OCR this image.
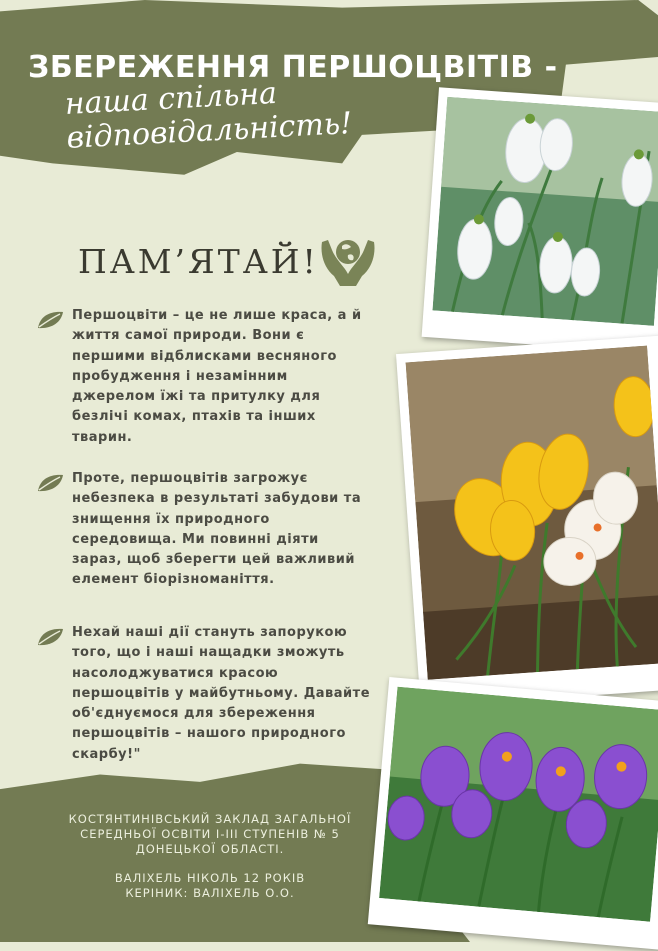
ЗБЕРЕЖЕННЯ ПЕРШОЦВІТІВ -
наша спільна відповідальність!
ПАМ’ЯТАЙ!
Першоцвіти – це не лише краса, а й життя самої природи. Вони є першими відблисками весняного пробудження і незамінним джерелом їжі та притулку для безлічі комах, птахів та інших тварин.
Проте, першоцвітів загрожує небезпека в результаті забудови та знищення їх природного середовища. Ми повинні діяти зараз, щоб зберегти цей важливий елемент біорізноманіття.
Нехай наші дії стануть запорукою того, що і наші нащадки зможуть насолоджуватися красою першоцвітів у майбутньому. Давайте об'єднуємося для збереження першоцвітів – нашого природного скарбу!"
КОСТЯНТИНІВСЬКИЙ ЗАКЛАД ЗАГАЛЬНОЇ
СЕРЕДНЬОЇ ОСВІТИ І-ІІІ СТУПЕНІВ № 5
ДОНЕЦЬКОЇ ОБЛАСТІ.
ВАЛІХЕЛЬ НІКОЛЬ 12 РОКІВ
КЕРІНИК: ВАЛІХЕЛЬ О.О.
